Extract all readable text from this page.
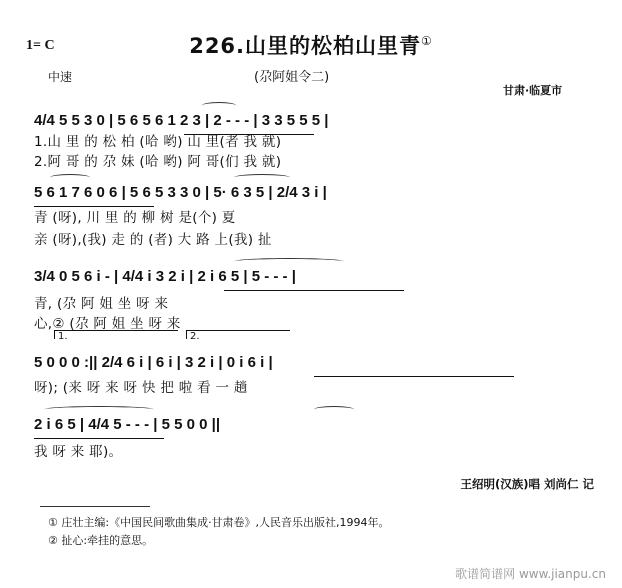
1= C	226.山里的松柏山里青①
中速	(尕阿姐令二)
甘肃·临夏市
4/4 5 5 3 0 | 5 6 5 6 1 2 3 | 2 - - - | 3 3 5 5 5 |
1.山 里 的 松 柏 (哈 哟) 山 里(者 我 就)
2.阿 哥 的 尕 妹 (哈 哟) 阿 哥(们 我 就)
5 6 1 7 6 0 6 | 5 6 5 3 3 0 | 5· 6 3 5 | 2/4 3 i |
青 (呀), 川 里 的 柳 树 是(个) 夏
亲 (呀),(我) 走 的 (者) 大 路 上(我) 扯
3/4 0 5 6 i - | 4/4 i 3 2 i | 2 i 6 5 | 5 - - - |
青, (尕 阿 姐 坐 呀 来
心,② (尕 阿 姐 坐 呀 来
1.	2.
5 0 0 0 :|| 2/4 6 i | 6 i | 3 2 i | 0 i 6 i |
呀); (来 呀 来 呀 快 把 啦 看 一 趟
2 i 6 5 | 4/4 5 - - - | 5 5 0 0 ||
我 呀 来 耶)。
王绍明(汉族)唱 刘尚仁 记
① 庄壮主编:《中国民间歌曲集成·甘肃卷》,人民音乐出版社,1994年。
② 扯心:牵挂的意思。
歌谱简谱网 www.jianpu.cn
